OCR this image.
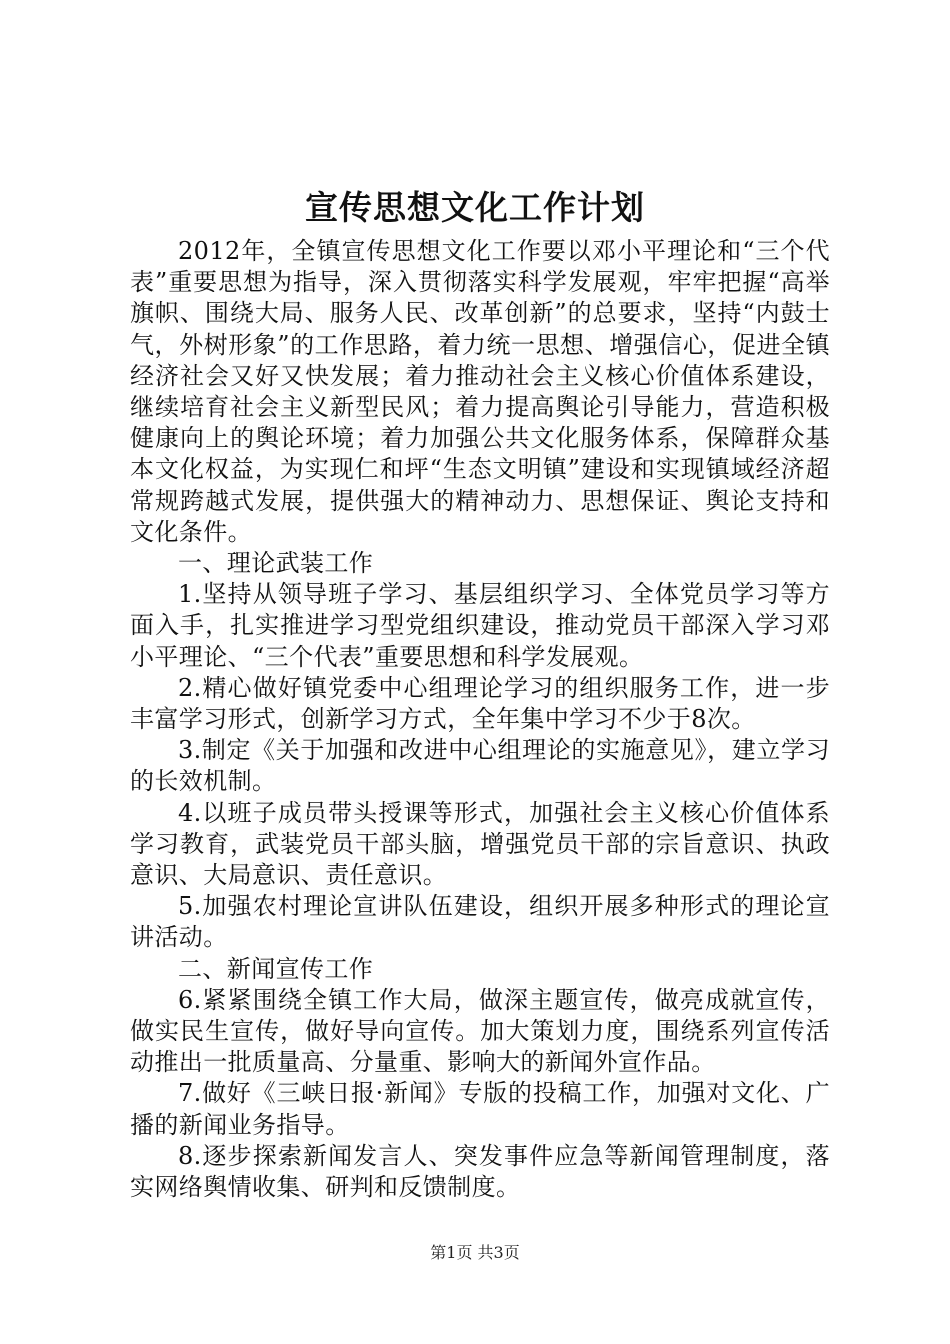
宣传思想文化工作计划

2012年，全镇宣传思想文化工作要以邓小平理论和“三个代表”重要思想为指导，深入贯彻落实科学发展观，牢牢把握“高举旗帜、围绕大局、服务人民、改革创新”的总要求，坚持“内鼓士气，外树形象”的工作思路，着力统一思想、增强信心，促进全镇经济社会又好又快发展；着力推动社会主义核心价值体系建设，继续培育社会主义新型民风；着力提高舆论引导能力，营造积极健康向上的舆论环境；着力加强公共文化服务体系，保障群众基本文化权益，为实现仁和坪“生态文明镇”建设和实现镇域经济超常规跨越式发展，提供强大的精神动力、思想保证、舆论支持和文化条件。

一、理论武装工作

1.坚持从领导班子学习、基层组织学习、全体党员学习等方面入手，扎实推进学习型党组织建设，推动党员干部深入学习邓小平理论、“三个代表”重要思想和科学发展观。

2.精心做好镇党委中心组理论学习的组织服务工作，进一步丰富学习形式，创新学习方式，全年集中学习不少于8次。

3.制定《关于加强和改进中心组理论的实施意见》，建立学习的长效机制。

4.以班子成员带头授课等形式，加强社会主义核心价值体系学习教育，武装党员干部头脑，增强党员干部的宗旨意识、执政意识、大局意识、责任意识。

5.加强农村理论宣讲队伍建设，组织开展多种形式的理论宣讲活动。

二、新闻宣传工作

6.紧紧围绕全镇工作大局，做深主题宣传，做亮成就宣传，做实民生宣传，做好导向宣传。加大策划力度，围绕系列宣传活动推出一批质量高、分量重、影响大的新闻外宣作品。

7.做好《三峡日报·新闻》专版的投稿工作，加强对文化、广播的新闻业务指导。

8.逐步探索新闻发言人、突发事件应急等新闻管理制度，落实网络舆情收集、研判和反馈制度。

第1页 共3页
